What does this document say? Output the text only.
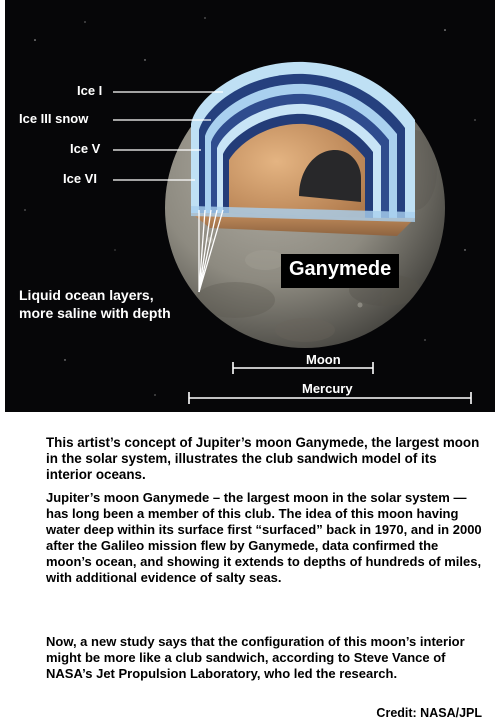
Ice I
Ice III snow
Ice V
Ice VI
Liquid ocean layers,
more saline with depth
Ganymede
Moon
Mercury
This artist’s concept of Jupiter’s moon Ganymede, the largest moon in the solar system, illustrates the club sandwich model of its interior oceans.
Jupiter’s moon Ganymede – the largest moon in the solar system — has long been a member of this club. The idea of this moon having water deep within its surface first “surfaced” back in 1970, and in 2000 after the Galileo mission flew by Ganymede, data confirmed the moon’s ocean, and showing it extends to depths of hundreds of miles, with additional evidence of salty seas.
Now, a new study says that the configuration of this moon’s interior might be more like a club sandwich, according to Steve Vance of NASA’s Jet Propulsion Laboratory, who led the research.
Credit: NASA/JPL
